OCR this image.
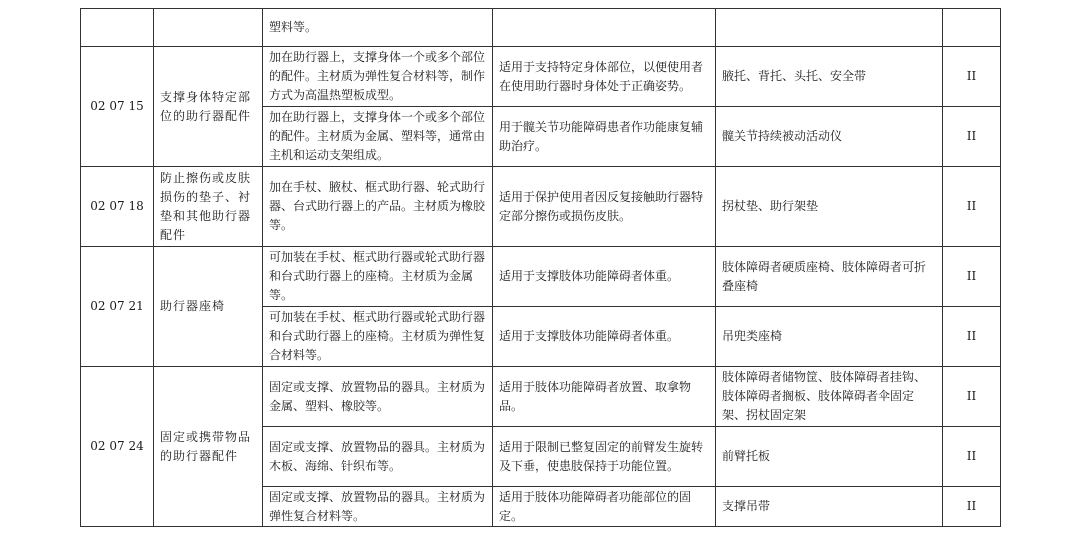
		塑料等。			
02 07 15	支撑身体特定部位的助行器配件	加在助行器上，支撑身体一个或多个部位的配件。主材质为弹性复合材料等，制作方式为高温热塑板成型。	适用于支持特定身体部位，以便使用者在使用助行器时身体处于正确姿势。	腋托、背托、头托、安全带	II
		加在助行器上，支撑身体一个或多个部位的配件。主材质为金属、塑料等，通常由主机和运动支架组成。	用于髋关节功能障碍患者作功能康复辅助治疗。	髋关节持续被动活动仪	II
02 07 18	防止擦伤或皮肤损伤的垫子、衬垫和其他助行器配件	加在手杖、腋杖、框式助行器、轮式助行器、台式助行器上的产品。主材质为橡胶等。	适用于保护使用者因反复接触助行器特定部分擦伤或损伤皮肤。	拐杖垫、助行架垫	II
02 07 21	助行器座椅	可加装在手杖、框式助行器或轮式助行器和台式助行器上的座椅。主材质为金属等。	适用于支撑肢体功能障碍者体重。	肢体障碍者硬质座椅、肢体障碍者可折叠座椅	II
		可加装在手杖、框式助行器或轮式助行器和台式助行器上的座椅。主材质为弹性复合材料等。	适用于支撑肢体功能障碍者体重。	吊兜类座椅	II
02 07 24	固定或携带物品的助行器配件	固定或支撑、放置物品的器具。主材质为金属、塑料、橡胶等。	适用于肢体功能障碍者放置、取拿物品。	肢体障碍者储物筐、肢体障碍者挂钩、肢体障碍者搁板、肢体障碍者伞固定架、拐杖固定架	II
		固定或支撑、放置物品的器具。主材质为木板、海绵、针织布等。	适用于限制已整复固定的前臂发生旋转及下垂，使患肢保持于功能位置。	前臂托板	II
		固定或支撑、放置物品的器具。主材质为弹性复合材料等。	适用于肢体功能障碍者功能部位的固定。	支撑吊带	II
